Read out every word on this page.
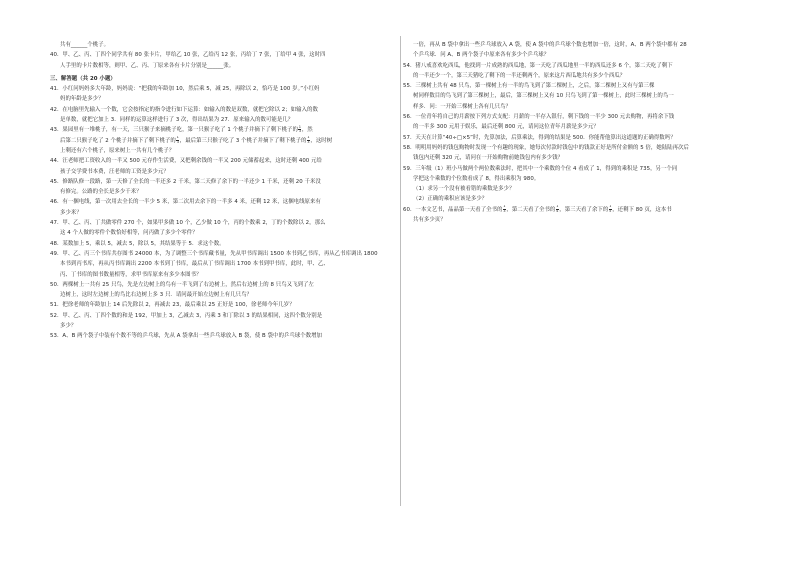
共有______个桃子。
40．甲、乙、丙、丁四个同学共有 80 张卡片，甲给乙 10 张，乙给丙 12 张，丙给丁 7 张，丁给甲 4 张，这时四
人手里的卡片数相等，则甲、乙、丙、丁原来各有卡片分别是______张。
三、解答题（共 20 小题）
41．小红问妈妈多大年龄，妈妈说：“把我的年龄加 10，然后乘 5，减 25，再除以 2，恰巧是 100 岁。”小红妈
妈的年龄是多少？
42．在电脑里先输入一个数，它会按指定的指令进行如下运算：如输入的数是双数，就把它除以 2；如输入的数
是单数，就把它加上 3．同样的运算这样进行了 3 次，得出结果为 27．原来输入的数可能是几？
43．果园里有一堆桃子，有一天，三只猴子来摘桃子吃，第一只猴子吃了 1 个桃子并摘下了剩下桃子的 $\frac{1}{3}$ ，然
后第二只猴子吃了 2 个桃子并摘下了剩下桃子的 $\frac{1}{3}$ ，最后第三只猴子吃了 3 个桃子并摘下了剩下桃子的 $\frac{1}{3}$ ，这时树
上剩还有六个桃子，原来树上一共有几个桃子？
44．汪老师把工资收入的一半又 500 元存作生活费，又把剩余钱的一半又 200 元储蓄起来，这时还剩 400 元给
孩子交学费书本费，汪老师的工资是多少元？
45．修路队修一段路，第一天修了全长的一半还多 2 千米，第二天修了余下的一半还少 1 千米，还剩 20 千米没
有修完。公路的全长是多少千米？
46．有一捆电线，第一次用去全长的一半少 5 米，第二次用去余下的一半多 4 米，还剩 12 米，这捆电线原来有
多少米？
47．甲、乙、丙、丁共做零件 270 个，如果甲多做 10 个，乙少做 10 个，丙的个数乘 2，丁的个数除以 2，那么
这 4 个人做的零件个数恰好相等，问丙做了多少个零件？
48．某数加上 5，乘以 5，减去 5，除以 5，其结果等于 5．求这个数。
49．甲、乙、丙三个书库共存图书 24000 本，为了调整三个书库藏书量，先从甲书库调出 1500 本书到乙书库，再从乙书库调出 1800
本书到丙书库，再从丙书库调出 2200 本书到丁书库，最后从丁书库调出 1700 本书到甲书库，此时，甲、乙、
丙、丁书库的图书数量相等，求甲书库原来有多少本图书？
50．两棵树上一共有 25 只鸟，先是左边树上的鸟有一半飞到了右边树上，然后右边树上的 8 只鸟又飞到了左
边树上，这时左边树上的鸟比右边树上多 3 只．请问最开始左边树上有几只鸟？
51．把徐老师的年龄加上 14 后先除以 2，再减去 23，最后乘以 25 正好是 100，徐老师今年几岁？
52．甲、乙、丙、丁四个数的和是 192，甲加上 3，乙减去 3，丙乘 3 和丁除以 3 的结果相同，这四个数分别是
多少？
53．A、B 两个袋子中装有个数不等的乒乓球，先从 A 袋拿出一些乒乓球放入 B 袋，使 B 袋中的乒乓球个数增加
一倍，再从 B 袋中拿出一些乒乓球放入 A 袋，使 A 袋中的乒乓球个数也增加一倍，这时，A、B 两个袋中都有 28
个乒乓球．问 A、B 两个袋子中原来各有多少个乒乓球？
54．猪八戒喜欢吃西瓜，他找到一片成熟的西瓜地，第一天吃了西瓜地里一半的西瓜还多 6 个，第二天吃了剩下
的一半还少一个，第三天猪吃了剩下的一半还剩两个，原来这片西瓜地共有多少个西瓜？
55．三棵树上共有 48 只鸟，第一棵树上有一半的鸟飞到了第二棵树上，之后，第二棵树上又有与第三棵
树同样数目的鸟飞到了第三棵树上，最后，第三棵树上又有 10 只鸟飞到了第一棵树上，此时三棵树上的鸟一
样多．问：一开始三棵树上各有几只鸟？
56．一位青年将自己的月薪按下列方式支配：月薪的一半存入银行，剩下钱的一半少 300 元去购物，再将余下钱
的一半多 300 元用于娱乐，最后还剩 800 元，请问这位青年月薪是多少元？
57．天天在计算“40÷□×5”时，先算加法，后算乘法，得到的结果是 500．你能帮他算出这道题的正确得数吗？
58．明明用妈妈的钱包购物时发现一个有趣的现象，她每次付款时钱包中的钱款正好是所付金额的 5 倍，她陆陆再次后
钱包内还剩 320 元，请问在一开始购物前她钱包内有多少钱？
59．三年级（1）班小马做两个两位数乘法时，把其中一个乘数的个位 4 看成了 1，得到的乘积是 735，另一个同
学把这个乘数的个位数看成了 8，得出乘积为 980。
（1）求另一个没有被看错的乘数是多少？
（2）正确的乘积应该是多少？
60．一本文艺书，晶晶第一天看了全书的 $\frac{1}{3}$ ，第二天看了全书的 $\frac{1}{4}$ ，第三天看了余下的 $\frac{1}{5}$ ，还剩下 80 页，这本书
共有多少页？
